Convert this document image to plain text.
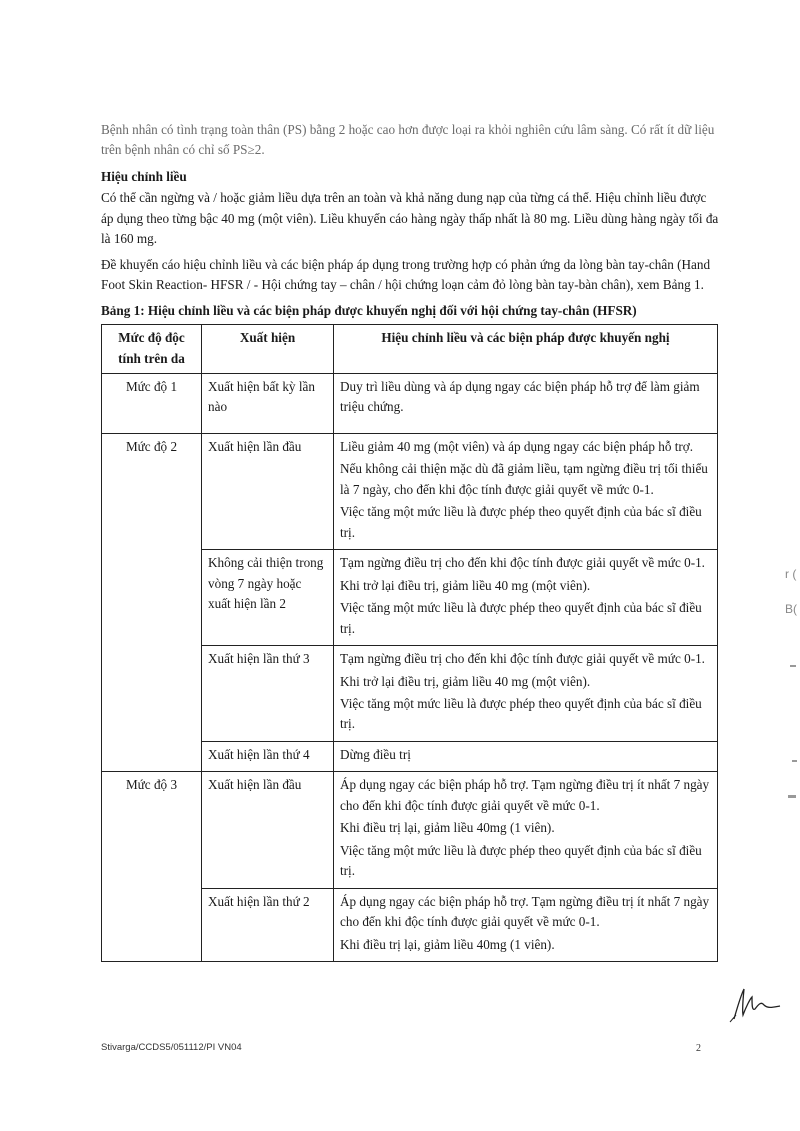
Bệnh nhân có tình trạng toàn thân (PS) bằng 2 hoặc cao hơn được loại ra khỏi nghiên cứu lâm sàng. Có rất ít dữ liệu trên bệnh nhân có chỉ số PS≥2.

Hiệu chỉnh liều

Có thể cần ngừng và / hoặc giảm liều dựa trên an toàn và khả năng dung nạp của từng cá thể. Hiệu chỉnh liều được áp dụng theo từng bậc 40 mg (một viên). Liều khuyến cáo hàng ngày thấp nhất là 80 mg. Liều dùng hàng ngày tối đa là 160 mg.

Đề khuyến cáo hiệu chỉnh liều và các biện pháp áp dụng trong trường hợp có phản ứng da lòng bàn tay-chân (Hand Foot Skin Reaction- HFSR / - Hội chứng tay – chân / hội chứng loạn cảm đỏ lòng bàn tay-bàn chân), xem Bảng 1.

Bảng 1: Hiệu chỉnh liều và các biện pháp được khuyến nghị đối với hội chứng tay-chân (HFSR)
Mức độ độc tính trên da	Xuất hiện	Hiệu chỉnh liều và các biện pháp được khuyến nghị
Mức độ 1	Xuất hiện bất kỳ lần nào	Duy trì liều dùng và áp dụng ngay các biện pháp hỗ trợ để làm giảm triệu chứng.

Mức độ 2	Xuất hiện lần đầu	Liều giảm 40 mg (một viên) và áp dụng ngay các biện pháp hỗ trợ.

Nếu không cải thiện mặc dù đã giảm liều, tạm ngừng điều trị tối thiểu là 7 ngày, cho đến khi độc tính được giải quyết về mức 0-1.

Việc tăng một mức liều là được phép theo quyết định của bác sĩ điều trị.

	Không cải thiện trong vòng 7 ngày hoặc xuất hiện lần 2	Tạm ngừng điều trị cho đến khi độc tính được giải quyết về mức 0-1.

Khi trở lại điều trị, giảm liều 40 mg (một viên).

Việc tăng một mức liều là được phép theo quyết định của bác sĩ điều trị.

	Xuất hiện lần thứ 3	Tạm ngừng điều trị cho đến khi độc tính được giải quyết về mức 0-1.

Khi trở lại điều trị, giảm liều 40 mg (một viên).

Việc tăng một mức liều là được phép theo quyết định của bác sĩ điều trị.

	Xuất hiện lần thứ 4	Dừng điều trị

Mức độ 3	Xuất hiện lần đầu	Áp dụng ngay các biện pháp hỗ trợ. Tạm ngừng điều trị ít nhất 7 ngày cho đến khi độc tính được giải quyết về mức 0-1.

Khi điều trị lại, giảm liều 40mg (1 viên).

Việc tăng một mức liều là được phép theo quyết định của bác sĩ điều trị.

	Xuất hiện lần thứ 2	Áp dụng ngay các biện pháp hỗ trợ. Tạm ngừng điều trị ít nhất 7 ngày cho đến khi độc tính được giải quyết về mức 0-1.

Khi điều trị lại, giảm liều 40mg (1 viên).

r (
B(
Stivarga/CCDS5/051112/PI VN04	2
